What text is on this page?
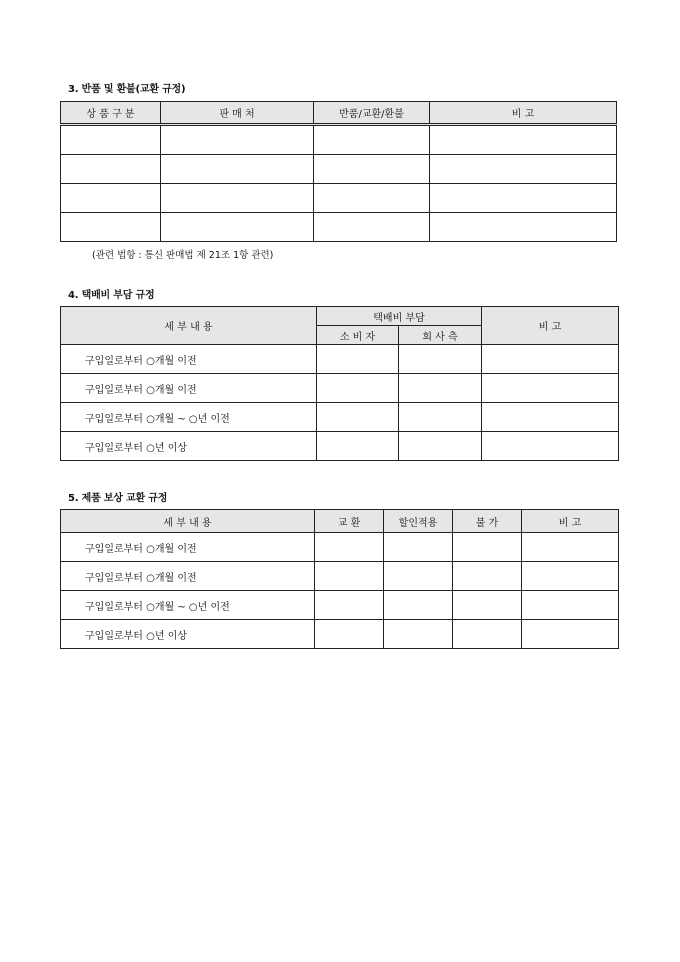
3. 반품 및 환불(교환 규정)
상 품 구 분	판 매 처	반품/교환/환불	비 고

(관련 법항 : 통신 판매법 제 21조 1항 관련)
4. 택배비 부담 규정
세 부 내 용	택배비 부담		비 고
	소 비 자	회 사 측	
구입일로부터 ○개월 이전			
구입일로부터 ○개월 이전			
구입일로부터 ○개월 ~ ○년 이전			
구입일로부터 ○년 이상			
5. 제품 보상 교환 규정
세 부 내 용	교 환	할인적용	불 가	비 고
구입일로부터 ○개월 이전				
구입일로부터 ○개월 이전				
구입일로부터 ○개월 ~ ○년 이전				
구입일로부터 ○년 이상				
